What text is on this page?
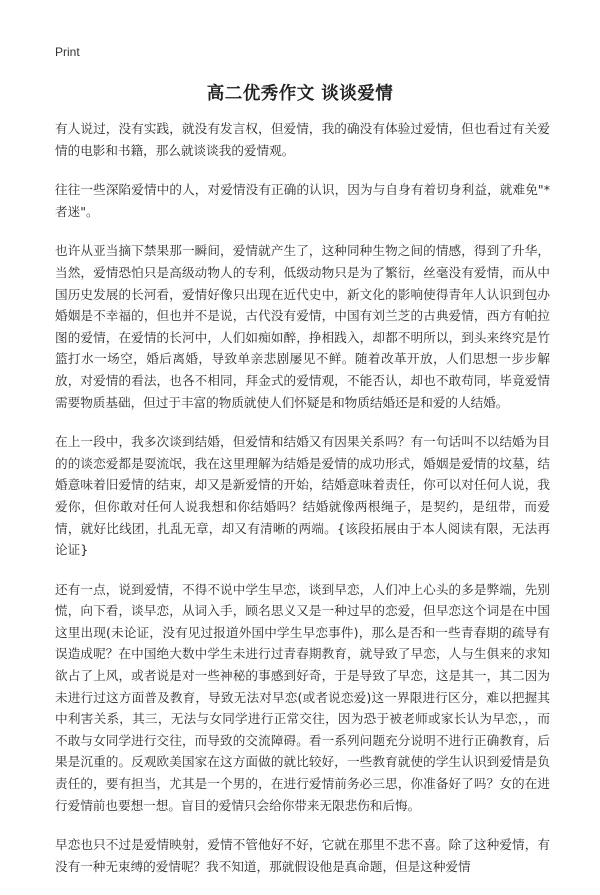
Print
高二优秀作文 谈谈爱情

有人说过，没有实践，就没有发言权，但爱情，我的确没有体验过爱情，但也看过有关爱情的电影和书籍，那么就谈谈我的爱情观。

往往一些深陷爱情中的人，对爱情没有正确的认识，因为与自身有着切身利益，就难免"*者迷"。

也许从亚当摘下禁果那一瞬间，爱情就产生了，这种同种生物之间的情感，得到了升华，当然，爱情恐怕只是高级动物人的专利，低级动物只是为了繁衍，丝毫没有爱情，而从中国历史发展的长河看，爱情好像只出现在近代史中，新文化的影响使得青年人认识到包办婚姻是不幸福的，但也并不是说，古代没有爱情，中国有刘兰芝的古典爱情，西方有帕拉图的爱情，在爱情的长河中，人们如痴如醉，挣相践入，却都不明所以，到头来终究是竹篮打水一场空，婚后离婚，导致单亲悲剧屡见不鲜。随着改革开放，人们思想一步步解放，对爱情的看法，也各不相同，拜金式的爱情观，不能否认，却也不敢苟同，毕竟爱情需要物质基础，但过于丰富的物质就使人们怀疑是和物质结婚还是和爱的人结婚。

在上一段中，我多次谈到结婚，但爱情和结婚又有因果关系吗？有一句话叫不以结婚为目的的谈恋爱都是耍流氓，我在这里理解为结婚是爱情的成功形式，婚姻是爱情的坟墓，结婚意味着旧爱情的结束，却又是新爱情的开始，结婚意味着责任，你可以对任何人说，我爱你，但你敢对任何人说我想和你结婚吗？结婚就像两根绳子，是契约，是纽带，而爱情，就好比线团，扎乱无章，却又有清晰的两端。{该段拓展由于本人阅读有限，无法再论证}

还有一点，说到爱情，不得不说中学生早恋，谈到早恋，人们冲上心头的多是弊端，先别慌，向下看，谈早恋，从词入手，顾名思义又是一种过早的恋爱，但早恋这个词是在中国这里出现(未论证，没有见过报道外国中学生早恋事件)，那么是否和一些青春期的疏导有误造成呢？在中国绝大数中学生未进行过青春期教育，就导致了早恋，人与生俱来的求知欲占了上风，或者说是对一些神秘的事感到好奇，于是导致了早恋，这是其一，其二因为未进行过这方面普及教育，导致无法对早恋(或者说恋爱)这一界限进行区分，难以把握其中利害关系，其三，无法与女同学进行正常交往，因为恐于被老师或家长认为早恋，，而不敢与女同学进行交往，而导致的交流障碍。看一系列问题充分说明不进行正确教育，后果是沉重的。反观欧美国家在这方面做的就比较好，一些教育就使的学生认识到爱情是负责任的，要有担当，尤其是一个男的，在进行爱情前务必三思，你准备好了吗？女的在进行爱情前也要想一想。盲目的爱情只会给你带来无限悲伤和后悔。

早恋也只不过是爱情映射，爱情不管他好不好，它就在那里不悲不喜。除了这种爱情，有没有一种无束缚的爱情呢？我不知道，那就假设他是真命题，但是这种爱情
